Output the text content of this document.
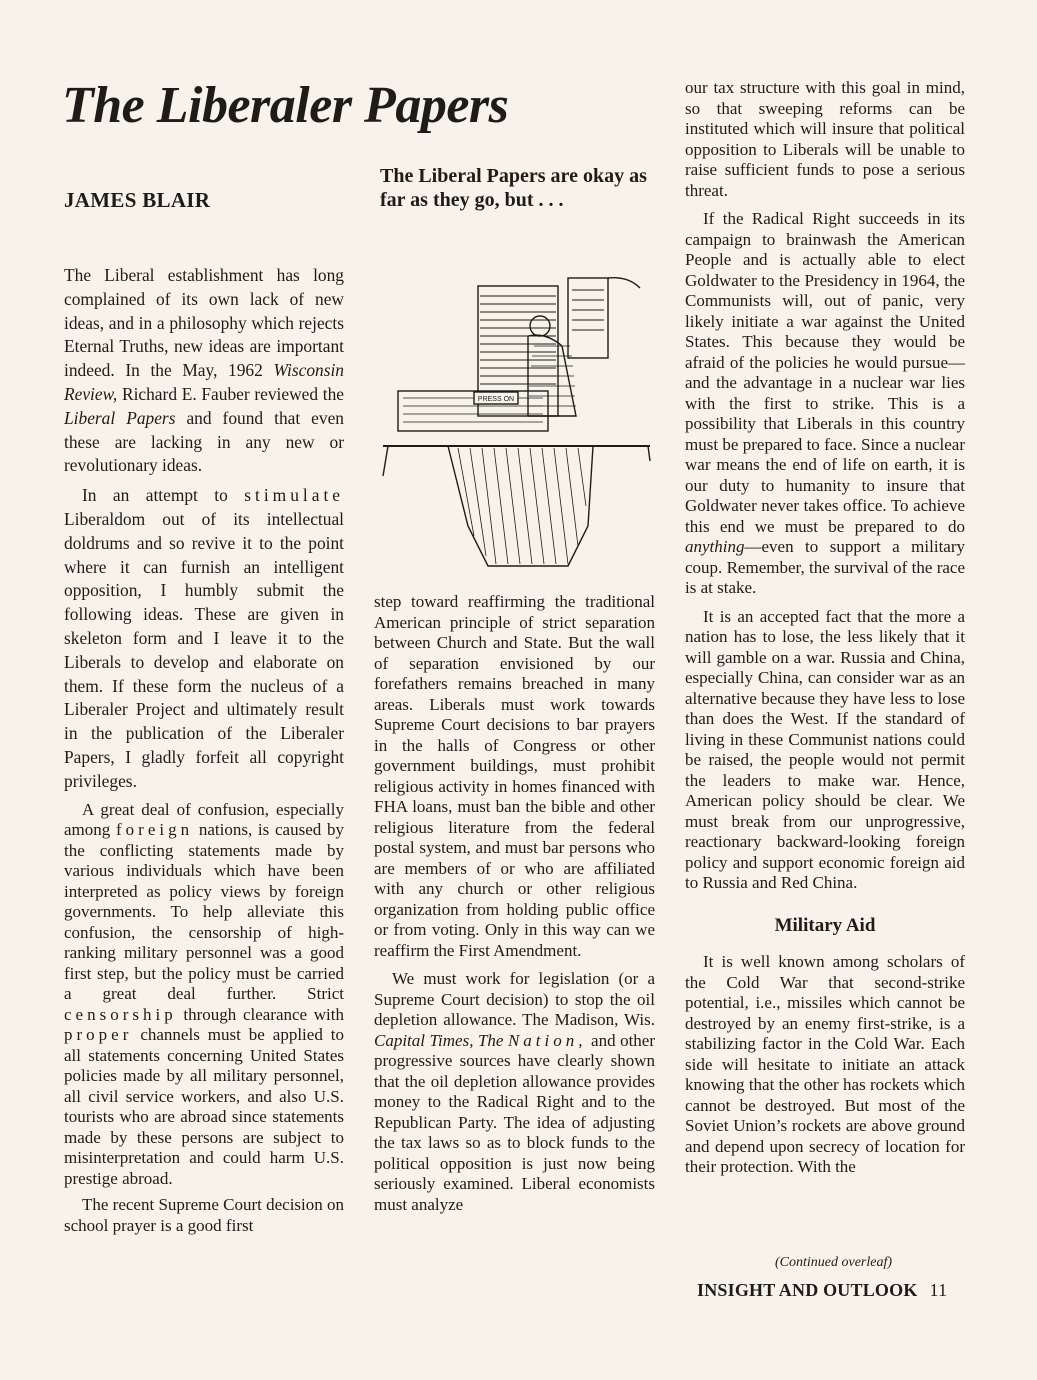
The Liberaler Papers
JAMES BLAIR

The Liberal establishment has long complained of its own lack of new ideas, and in a philosophy which rejects Eternal Truths, new ideas are important indeed. In the May, 1962 Wisconsin Review, Richard E. Fauber reviewed the Liberal Papers and found that even these are lacking in any new or revolutionary ideas.

In an attempt to stimulate Liberaldom out of its intellectual doldrums and so revive it to the point where it can furnish an intelligent opposition, I humbly submit the following ideas. These are given in skeleton form and I leave it to the Liberals to develop and elaborate on them. If these form the nucleus of a Liberaler Project and ultimately result in the publication of the Liberaler Papers, I gladly forfeit all copyright privileges.

A great deal of confusion, especially among foreign nations, is caused by the conflicting statements made by various individuals which have been interpreted as policy views by foreign governments. To help alleviate this confusion, the censorship of high-ranking military personnel was a good first step, but the policy must be carried a great deal further. Strict censorship through clearance with proper channels must be applied to all statements concerning United States policies made by all military personnel, all civil service workers, and also U.S. tourists who are abroad since statements made by these persons are subject to misinterpretation and could harm U.S. prestige abroad.

The recent Supreme Court decision on school prayer is a good first

The Liberal Papers are okay as far as they go, but . . .
PRESS ON

step toward reaffirming the traditional American principle of strict separation between Church and State. But the wall of separation envisioned by our forefathers remains breached in many areas. Liberals must work towards Supreme Court decisions to bar prayers in the halls of Congress or other government buildings, must prohibit religious activity in homes financed with FHA loans, must ban the bible and other religious literature from the federal postal system, and must bar persons who are members of or who are affiliated with any church or other religious organization from holding public office or from voting. Only in this way can we reaffirm the First Amendment.

We must work for legislation (or a Supreme Court decision) to stop the oil depletion allowance. The Madison, Wis. Capital Times, The Nation, and other progressive sources have clearly shown that the oil depletion allowance provides money to the Radical Right and to the Republican Party. The idea of adjusting the tax laws so as to block funds to the political opposition is just now being seriously examined. Liberal economists must analyze

our tax structure with this goal in mind, so that sweeping reforms can be instituted which will insure that political opposition to Liberals will be unable to raise sufficient funds to pose a serious threat.

If the Radical Right succeeds in its campaign to brainwash the American People and is actually able to elect Goldwater to the Presidency in 1964, the Communists will, out of panic, very likely initiate a war against the United States. This because they would be afraid of the policies he would pursue—and the advantage in a nuclear war lies with the first to strike. This is a possibility that Liberals in this country must be prepared to face. Since a nuclear war means the end of life on earth, it is our duty to humanity to insure that Goldwater never takes office. To achieve this end we must be prepared to do anything—even to support a military coup. Remember, the survival of the race is at stake.

It is an accepted fact that the more a nation has to lose, the less likely that it will gamble on a war. Russia and China, especially China, can consider war as an alternative because they have less to lose than does the West. If the standard of living in these Communist nations could be raised, the people would not permit the leaders to make war. Hence, American policy should be clear. We must break from our unprogressive, reactionary backward-looking foreign policy and support economic foreign aid to Russia and Red China.

Military Aid

It is well known among scholars of the Cold War that second-strike potential, i.e., missiles which cannot be destroyed by an enemy first-strike, is a stabilizing factor in the Cold War. Each side will hesitate to initiate an attack knowing that the other has rockets which cannot be destroyed. But most of the Soviet Union’s rockets are above ground and depend upon secrecy of location for their protection. With the

(Continued overleaf)

INSIGHT AND OUTLOOK 11
